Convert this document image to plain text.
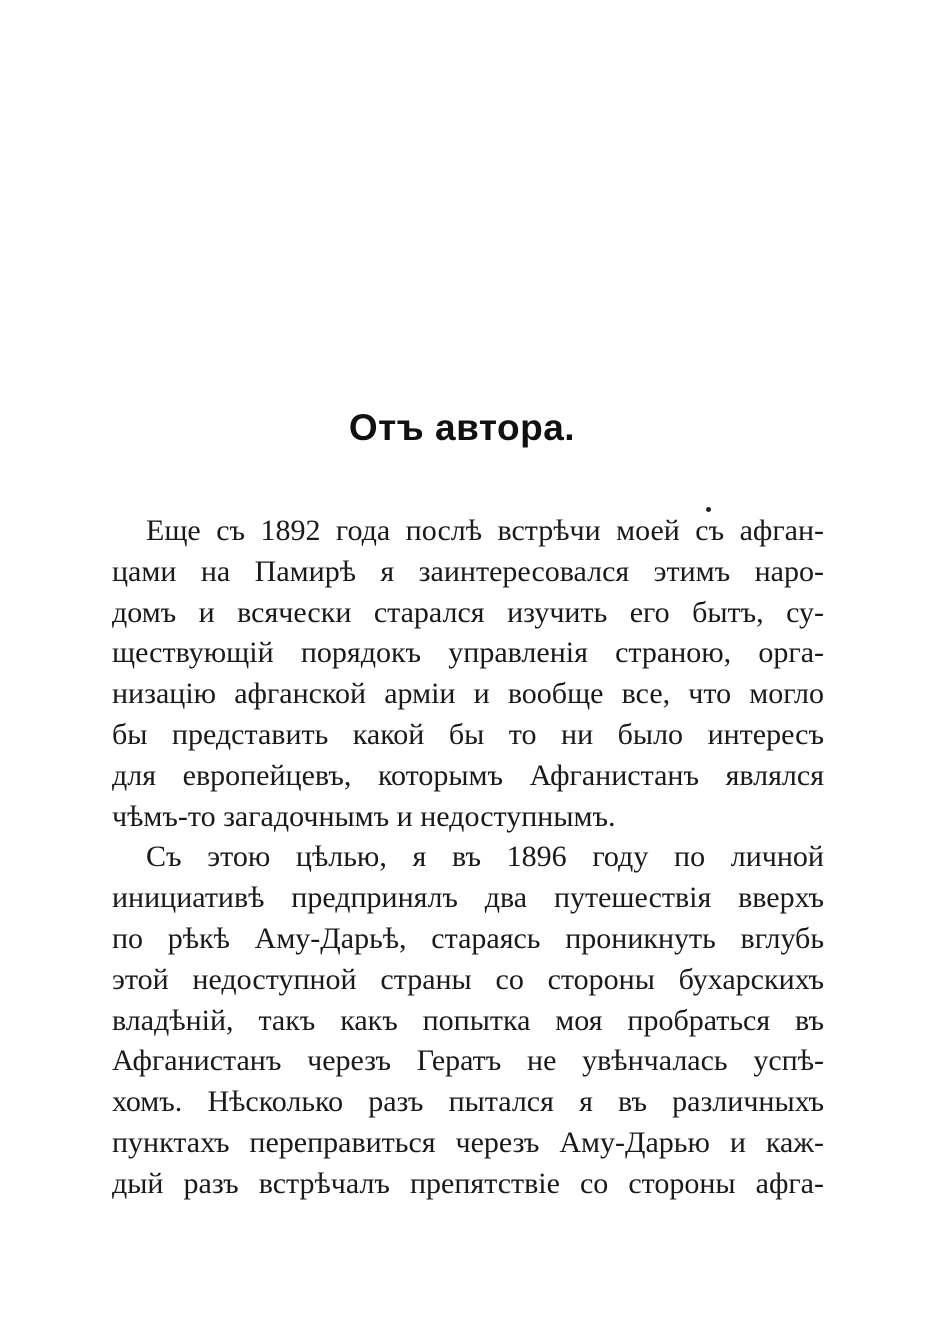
Отъ автора.
Еще съ 1892 года послѣ встрѣчи моей съ афган-
цами на Памирѣ я заинтересовался этимъ наро-
домъ и всячески старался изучить его бытъ, су-
ществующій порядокъ управленія страною, орга-
низацію афганской арміи и вообще все, что могло
бы представить какой бы то ни было интересъ
для европейцевъ, которымъ Афганистанъ являлся
чѣмъ-то загадочнымъ и недоступнымъ.
Съ этою цѣлью, я въ 1896 году по личной
инициативѣ предпринялъ два путешествія вверхъ
по рѣкѣ Аму-Дарьѣ, стараясь проникнуть вглубь
этой недоступной страны со стороны бухарскихъ
владѣній, такъ какъ попытка моя пробраться въ
Афганистанъ черезъ Гератъ не увѣнчалась успѣ-
хомъ. Нѣсколько разъ пытался я въ различныхъ
пунктахъ переправиться черезъ Аму-Дарью и каж-
дый разъ встрѣчалъ препятствіе со стороны афга-
